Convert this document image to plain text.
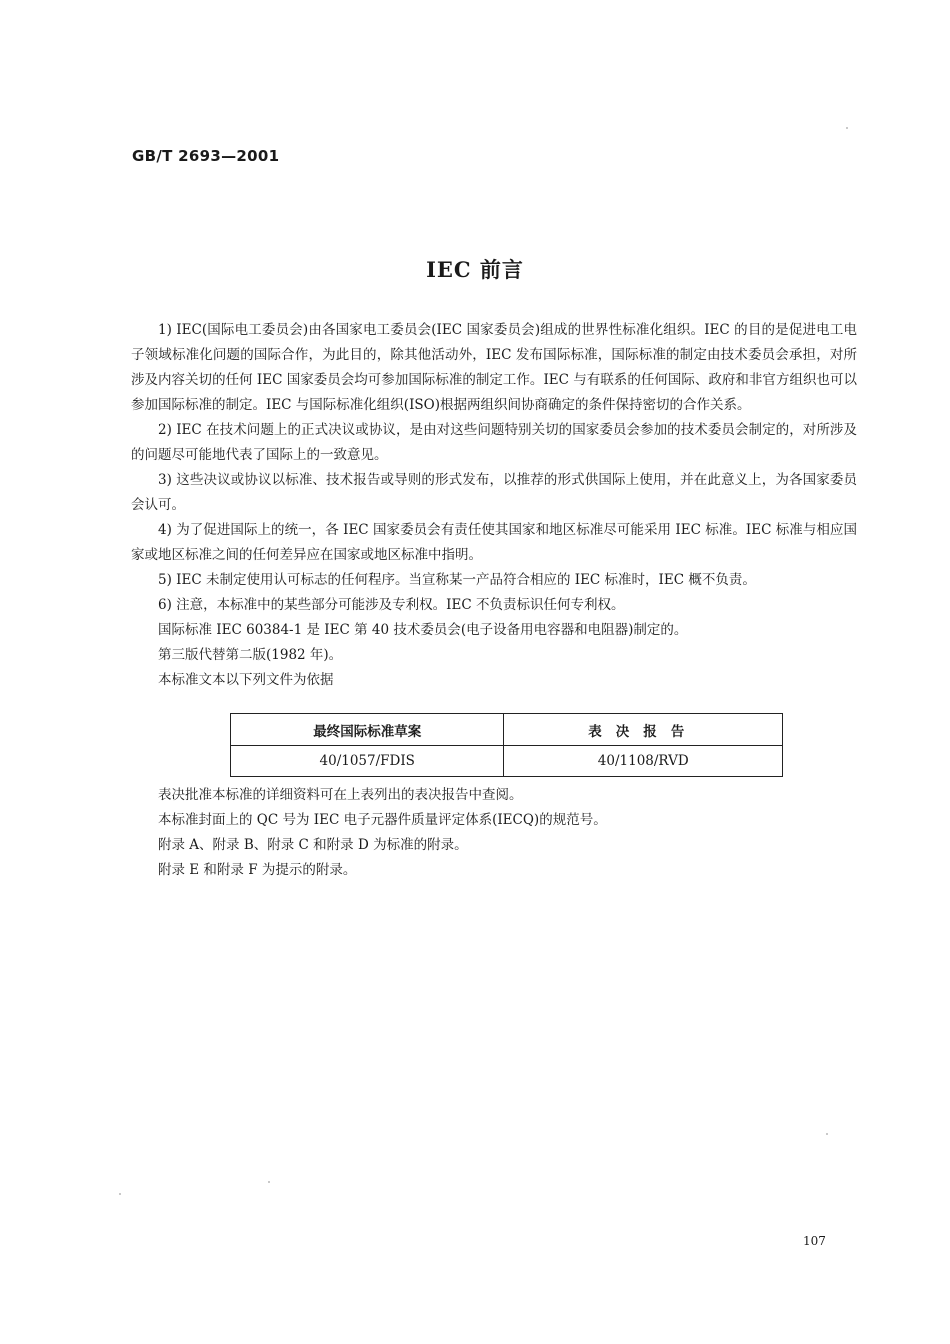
GB/T 2693—2001
IEC 前言

1) IEC(国际电工委员会)由各国家电工委员会(IEC 国家委员会)组成的世界性标准化组织。IEC 的目的是促进电工电子领域标准化问题的国际合作，为此目的，除其他活动外，IEC 发布国际标准，国际标准的制定由技术委员会承担，对所涉及内容关切的任何 IEC 国家委员会均可参加国际标准的制定工作。IEC 与有联系的任何国际、政府和非官方组织也可以参加国际标准的制定。IEC 与国际标准化组织(ISO)根据两组织间协商确定的条件保持密切的合作关系。

2) IEC 在技术问题上的正式决议或协议，是由对这些问题特别关切的国家委员会参加的技术委员会制定的，对所涉及的问题尽可能地代表了国际上的一致意见。

3) 这些决议或协议以标准、技术报告或导则的形式发布，以推荐的形式供国际上使用，并在此意义上，为各国家委员会认可。

4) 为了促进国际上的统一，各 IEC 国家委员会有责任使其国家和地区标准尽可能采用 IEC 标准。IEC 标准与相应国家或地区标准之间的任何差异应在国家或地区标准中指明。

5) IEC 未制定使用认可标志的任何程序。当宣称某一产品符合相应的 IEC 标准时，IEC 概不负责。

6) 注意，本标准中的某些部分可能涉及专利权。IEC 不负责标识任何专利权。

国际标准 IEC 60384-1 是 IEC 第 40 技术委员会(电子设备用电容器和电阻器)制定的。

第三版代替第二版(1982 年)。

本标准文本以下列文件为依据

最终国际标准草案	表决报告
40/1057/FDIS	40/1108/RVD

表决批准本标准的详细资料可在上表列出的表决报告中查阅。

本标准封面上的 QC 号为 IEC 电子元器件质量评定体系(IECQ)的规范号。

附录 A、附录 B、附录 C 和附录 D 为标准的附录。

附录 E 和附录 F 为提示的附录。

107
